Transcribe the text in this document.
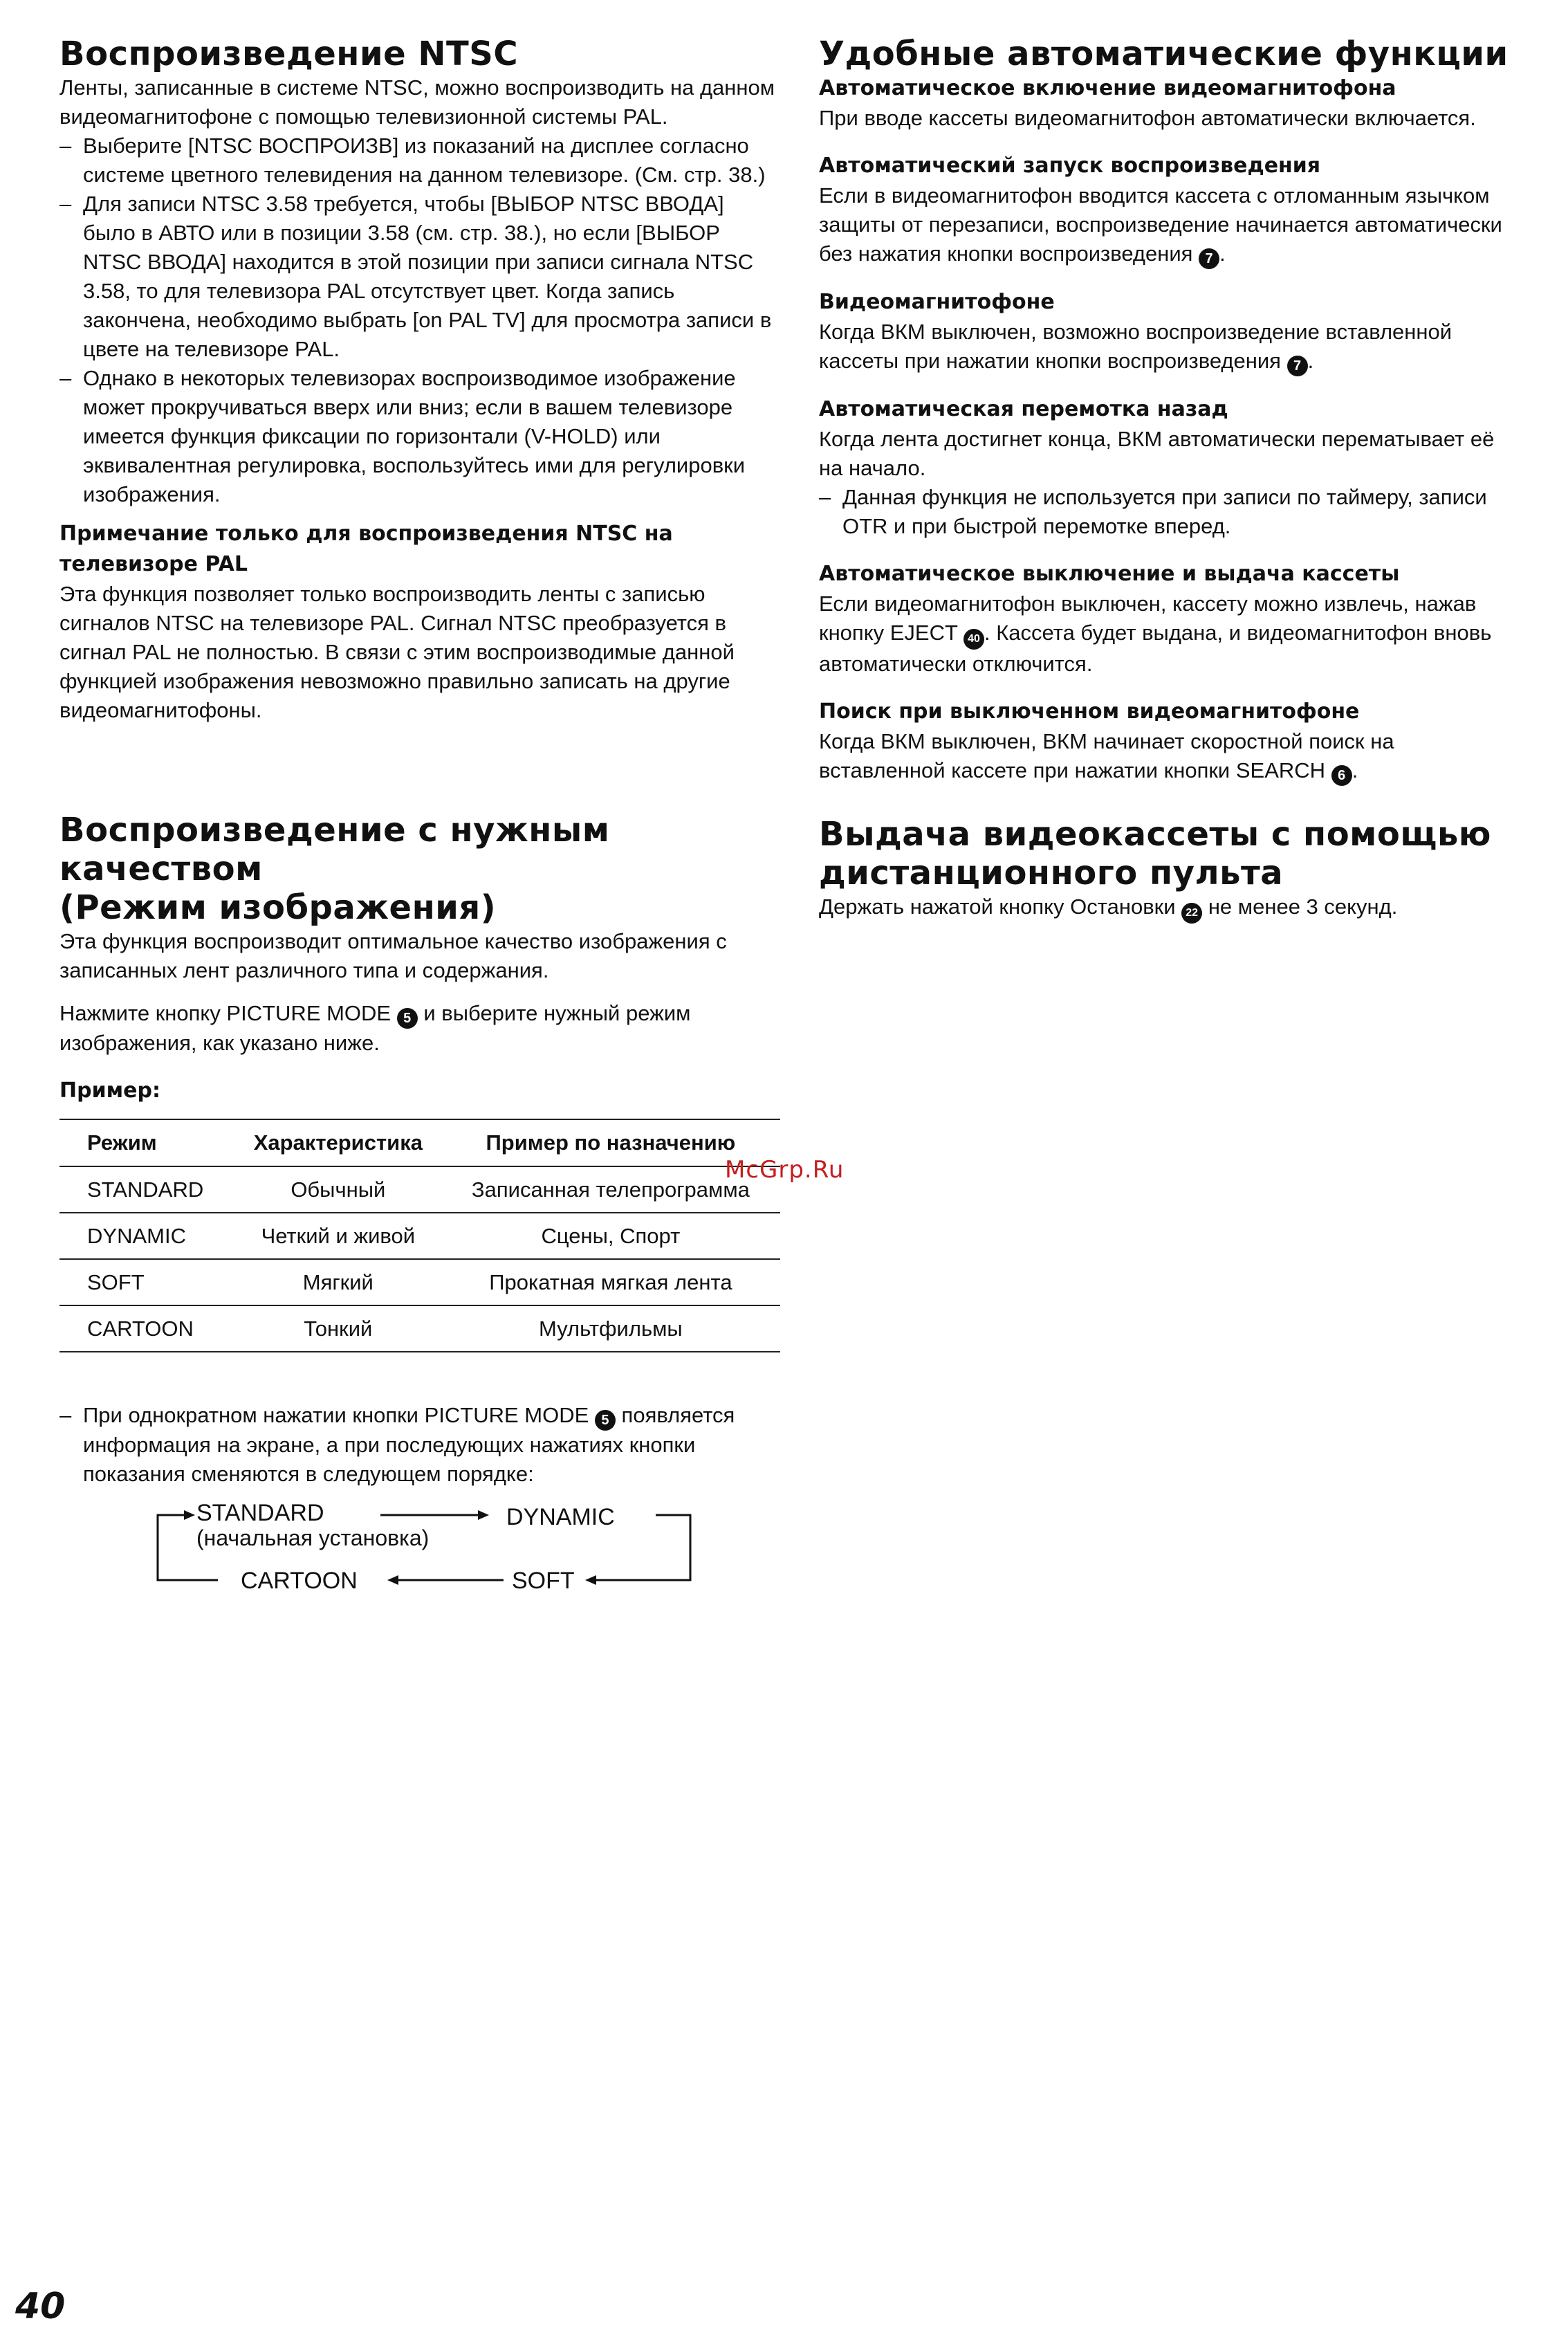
Воспроизведение NTSC

Ленты, записанные в системе NTSC, можно воспроизводить на данном видеомагнитофоне с помощью телевизионной системы PAL.

– Выберите [NTSC ВОСПРОИЗВ] из показаний на дисплее согласно системе цветного телевидения на данном телевизоре. (См. стр. 38.)
– Для записи NTSC 3.58 требуется, чтобы [ВЫБОР NTSC ВВОДА] было в АВТО или в позиции 3.58 (см. стр. 38.), но если [ВЫБОР NTSC ВВОДА] находится в этой позиции при записи сигнала NTSC 3.58, то для телевизора PAL отсутствует цвет. Когда запись закончена, необходимо выбрать [on PAL TV] для просмотра записи в цвете на телевизоре PAL.
– Однако в некоторых телевизорах воспроизводимое изображение может прокручиваться вверх или вниз; если в вашем телевизоре имеется функция фиксации по горизонтали (V-HOLD) или эквивалентная регулировка, воспользуйтесь ими для регулировки изображения.
Примечание только для воспроизведения NTSC на телевизоре PAL

Эта функция позволяет только воспроизводить ленты с записью сигналов NTSC на телевизоре PAL. Сигнал NTSC преобразуется в сигнал PAL не полностью. В связи с этим воспроизводимые данной функцией изображения невозможно правильно записать на другие видеомагнитофоны.

Воспроизведение с нужным качеством
(Режим изображения)

Эта функция воспроизводит оптимальное качество изображения с записанных лент различного типа и содержания.

Нажмите кнопку PICTURE MODE 5 и выберите нужный режим изображения, как указано ниже.

Пример:
Режим	Характеристика	Пример по назначению
STANDARD	Обычный	Записанная телепрограмма
DYNAMIC	Четкий и живой	Сцены, Спорт
SOFT	Мягкий	Прокатная мягкая лента
CARTOON	Тонкий	Мультфильмы
– При однократном нажатии кнопки PICTURE MODE 5 появляется информация на экране, а при последующих нажатиях кнопки показания сменяются в следующем порядке:
STANDARD
(начальная установка)
DYNAMIC
SOFT
CARTOON
Удобные автоматические функции
Автоматическое включение видеомагнитофона

При вводе кассеты видеомагнитофон автоматически включается.

Автоматический запуск воспроизведения

Если в видеомагнитофон вводится кассета с отломанным язычком защиты от перезаписи, воспроизведение начинается автоматически без нажатия кнопки воспроизведения 7 .

Видеомагнитофоне

Когда ВКМ выключен, возможно воспроизведение вставленной кассеты при нажатии кнопки воспроизведения 7 .

Автоматическая перемотка назад

Когда лента достигнет конца, ВКМ автоматически перематывает её на начало.

– Данная функция не используется при записи по таймеру, записи OTR и при быстрой перемотке вперед.
Автоматическое выключение и выдача кассеты

Если видеомагнитофон выключен, кассету можно извлечь, нажав кнопку EJECT 40 . Кассета будет выдана, и видеомагнитофон вновь автоматически отключится.

Поиск при выключенном видеомагнитофоне

Когда ВКМ выключен, ВКМ начинает скоростной поиск на вставленной кассете при нажатии кнопки SEARCH 6 .

Выдача видеокассеты с помощью
дистанционного пульта

Держать нажатой кнопку Остановки 22 не менее 3 секунд.

McGrp.Ru
40
